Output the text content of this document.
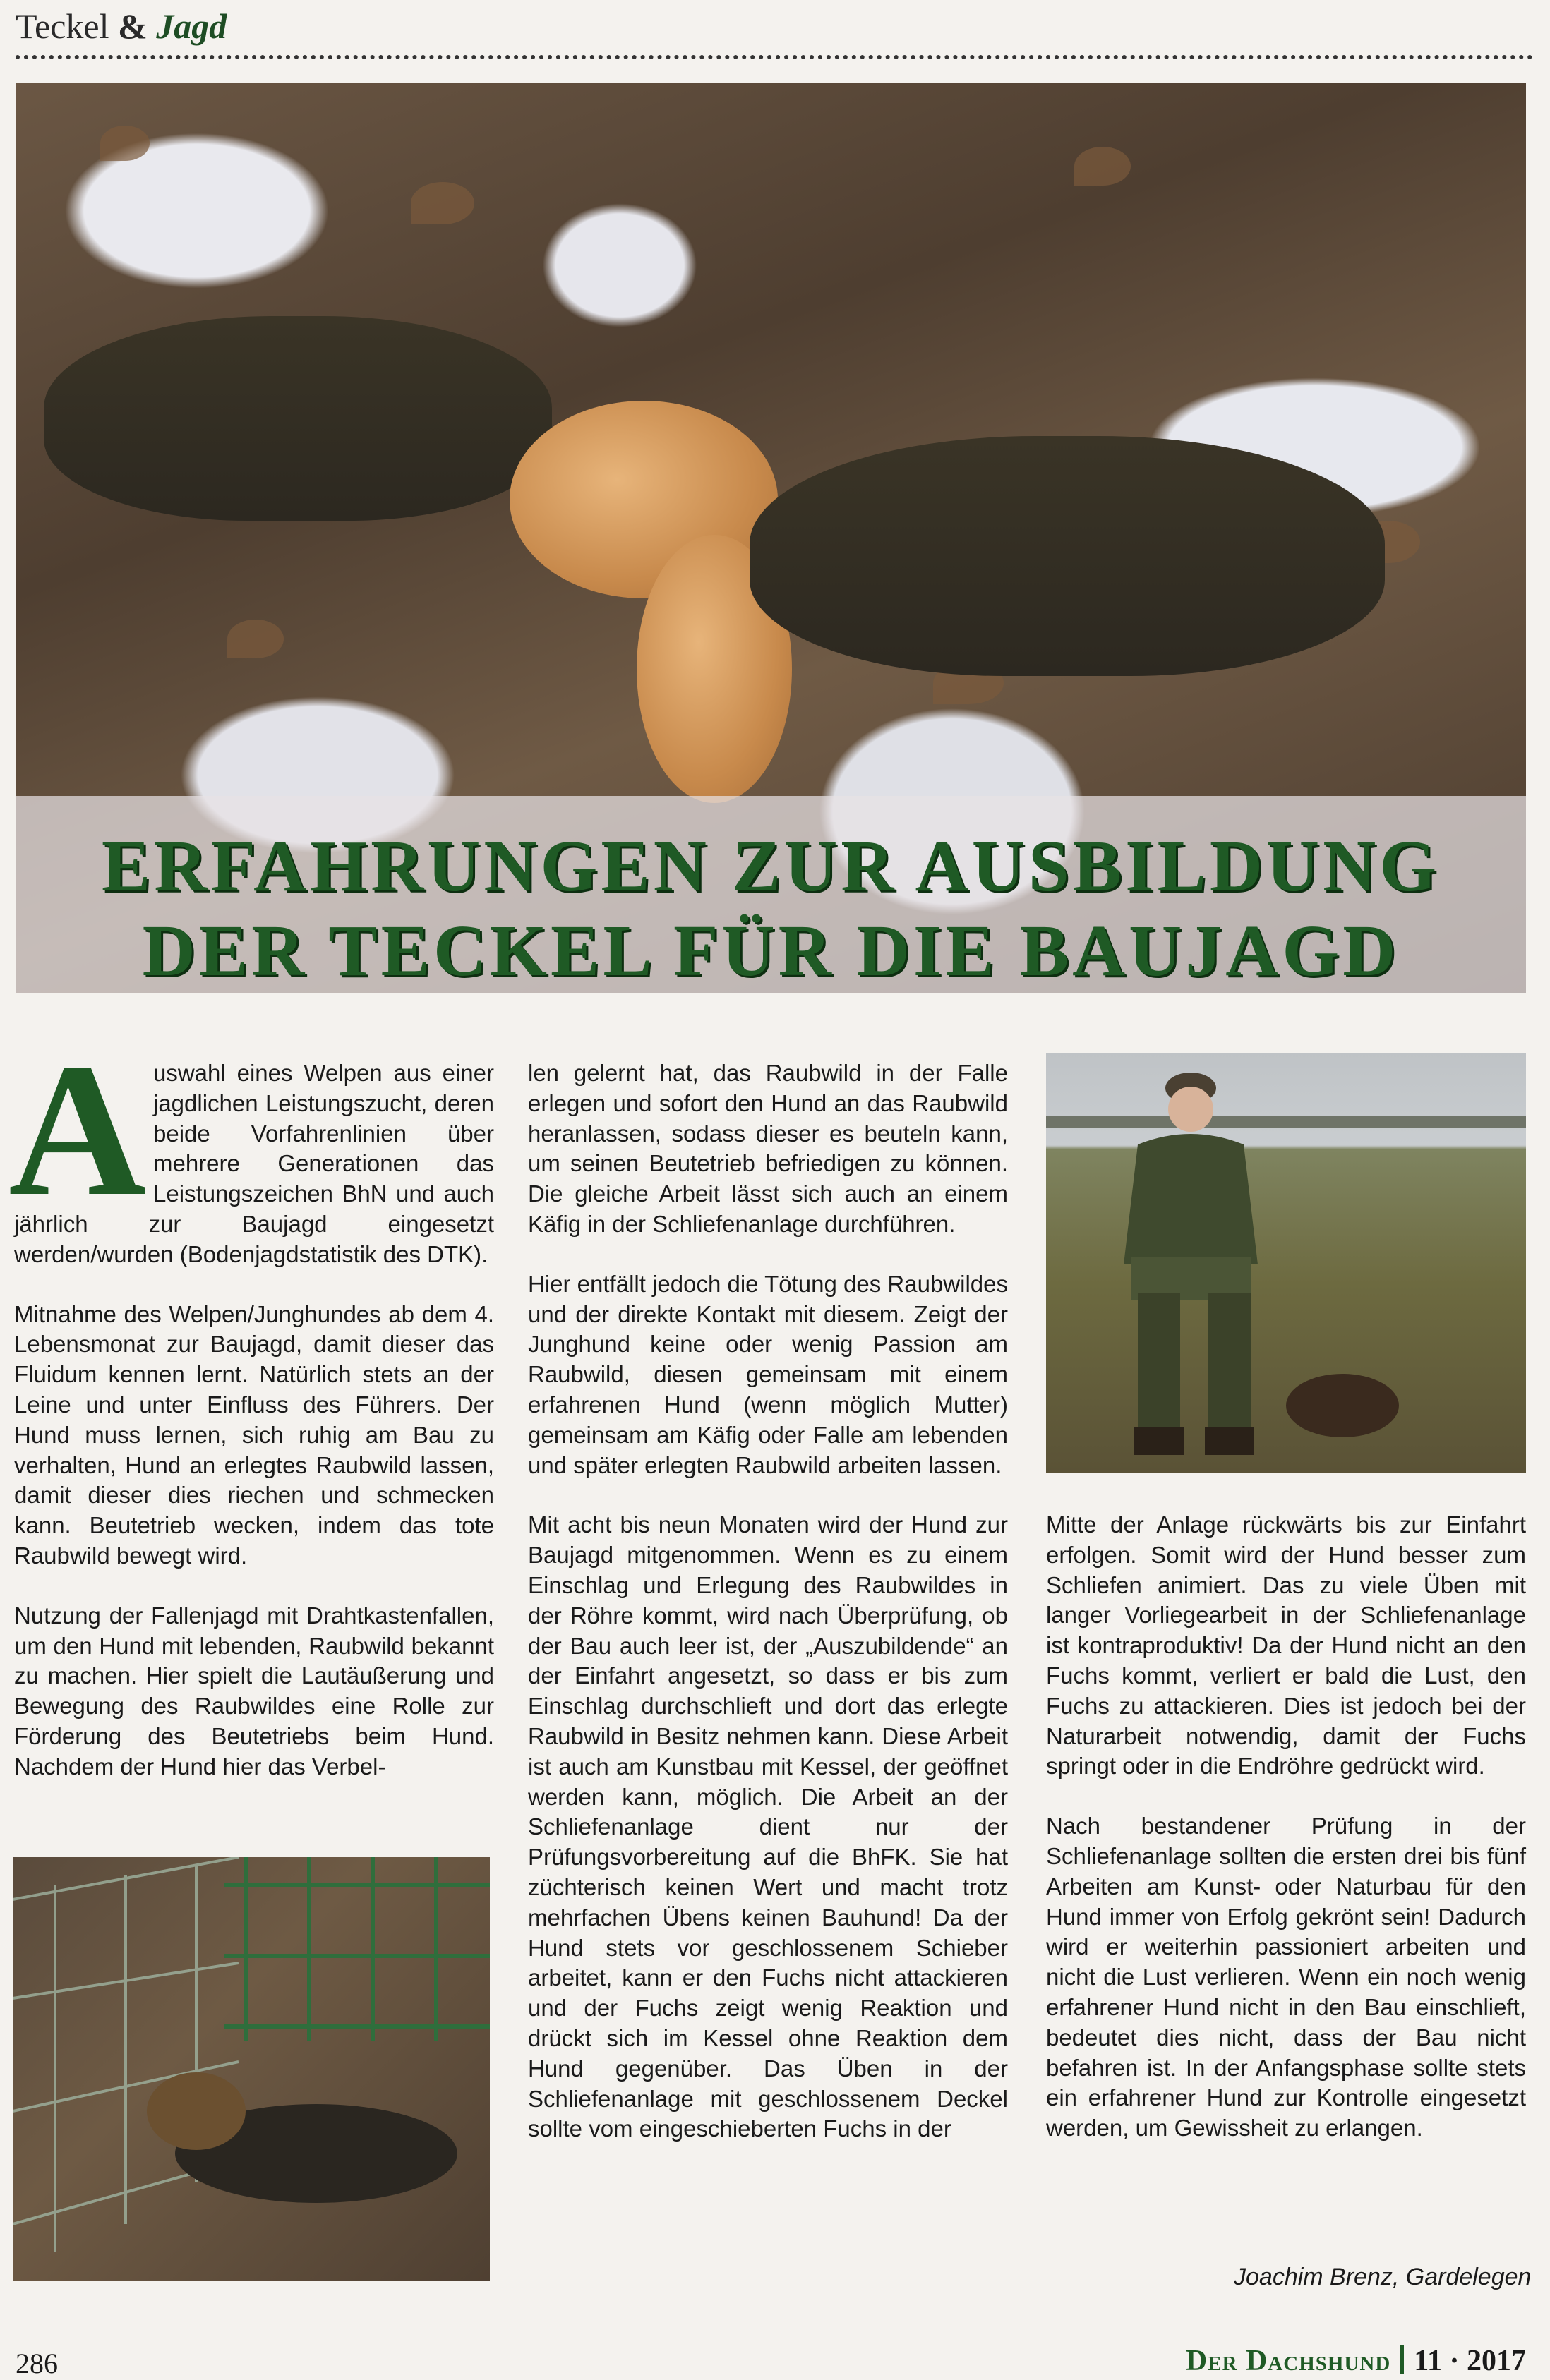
Teckel & Jagd
ERFAHRUNGEN ZUR AUSBILDUNG
DER TECKEL FÜR DIE BAUJAGD

Auswahl eines Welpen aus einer jagdlichen Leistungszucht, deren beide Vorfahrenlinien über mehrere Generationen das Leistungszeichen BhN und auch jährlich zur Baujagd eingesetzt werden/wurden (Bodenjagdstatistik des DTK).

Mitnahme des Welpen/Junghundes ab dem 4. Lebensmonat zur Baujagd, damit dieser das Fluidum kennen lernt. Natürlich stets an der Leine und unter Einfluss des Führers. Der Hund muss lernen, sich ruhig am Bau zu verhalten, Hund an erlegtes Raubwild lassen, damit dieser dies riechen und schmecken kann. Beutetrieb wecken, indem das tote Raubwild bewegt wird.

Nutzung der Fallenjagd mit Drahtkastenfallen, um den Hund mit lebenden, Raubwild bekannt zu machen. Hier spielt die Lautäußerung und Bewegung des Raubwildes eine Rolle zur Förderung des Beutetriebs beim Hund. Nachdem der Hund hier das Verbel-

len gelernt hat, das Raubwild in der Falle erlegen und sofort den Hund an das Raubwild heranlassen, sodass dieser es beuteln kann, um seinen Beutetrieb befriedigen zu können. Die gleiche Arbeit lässt sich auch an einem Käfig in der Schliefenanlage durchführen.

Hier entfällt jedoch die Tötung des Raubwildes und der direkte Kontakt mit diesem. Zeigt der Junghund keine oder wenig Passion am Raubwild, diesen gemeinsam mit einem erfahrenen Hund (wenn möglich Mutter) gemeinsam am Käfig oder Falle am lebenden und später erlegten Raubwild arbeiten lassen.

Mit acht bis neun Monaten wird der Hund zur Baujagd mitgenommen. Wenn es zu einem Einschlag und Erlegung des Raubwildes in der Röhre kommt, wird nach Überprüfung, ob der Bau auch leer ist, der „Auszubildende“ an der Einfahrt angesetzt, so dass er bis zum Einschlag durchschlieft und dort das erlegte Raubwild in Besitz nehmen kann. Diese Arbeit ist auch am Kunstbau mit Kessel, der geöffnet werden kann, möglich. Die Arbeit an der Schliefenanlage dient nur der Prüfungsvorbereitung auf die BhFK. Sie hat züchterisch keinen Wert und macht trotz mehrfachen Übens keinen Bauhund! Da der Hund stets vor geschlossenem Schieber arbeitet, kann er den Fuchs nicht attackieren und der Fuchs zeigt wenig Reaktion und drückt sich im Kessel ohne Reaktion dem Hund gegenüber. Das Üben in der Schliefenanlage mit geschlossenem Deckel sollte vom eingeschieberten Fuchs in der

Mitte der Anlage rückwärts bis zur Einfahrt erfolgen. Somit wird der Hund besser zum Schliefen animiert. Das zu viele Üben mit langer Vorliegearbeit in der Schliefenanlage ist kontraproduktiv! Da der Hund nicht an den Fuchs kommt, verliert er bald die Lust, den Fuchs zu attackieren. Dies ist jedoch bei der Naturarbeit notwendig, damit der Fuchs springt oder in die Endröhre gedrückt wird.

Nach bestandener Prüfung in der Schliefenanlage sollten die ersten drei bis fünf Arbeiten am Kunst- oder Naturbau für den Hund immer von Erfolg gekrönt sein! Dadurch wird er weiterhin passioniert arbeiten und nicht die Lust verlieren. Wenn ein noch wenig erfahrener Hund nicht in den Bau einschlieft, bedeutet dies nicht, dass der Bau nicht befahren ist. In der Anfangsphase sollte stets ein erfahrener Hund zur Kontrolle eingesetzt werden, um Gewissheit zu erlangen.

Joachim Brenz, Gardelegen
286	Der Dachshund 11 · 2017
